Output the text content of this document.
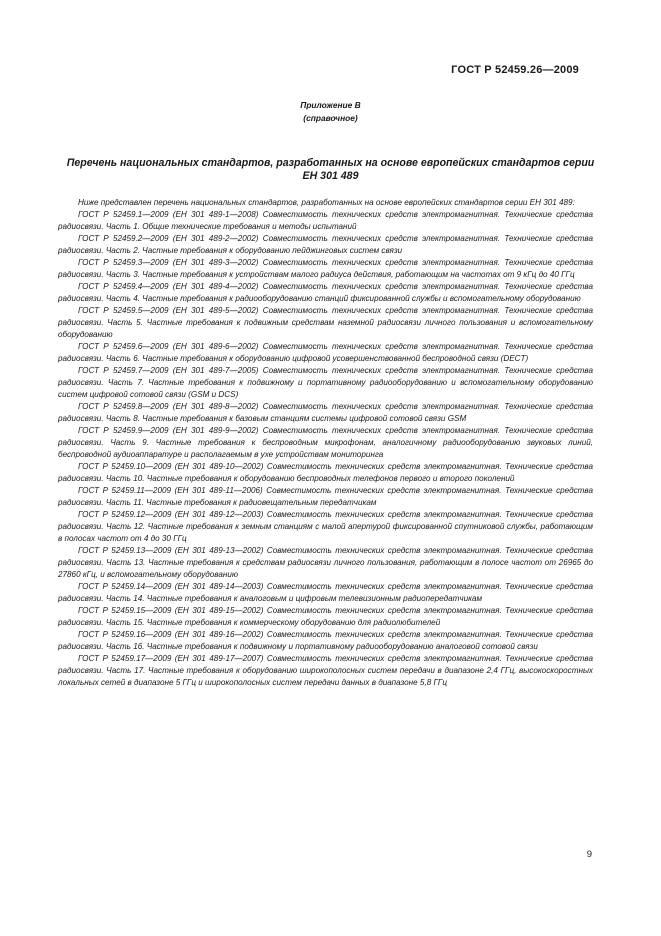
ГОСТ Р 52459.26—2009
Приложение В
(справочное)
Перечень национальных стандартов, разработанных на основе европейских стандартов серии ЕН 301 489

Ниже представлен перечень национальных стандартов, разработанных на основе европейских стандартов серии ЕН 301 489:

ГОСТ Р 52459.1—2009 (ЕН 301 489-1—2008) Совместимость технических средств электромагнитная. Технические средства радиосвязи. Часть 1. Общие технические требования и методы испытаний

ГОСТ Р 52459.2—2009 (ЕН 301 489-2—2002) Совместимость технических средств электромагнитная. Технические средства радиосвязи. Часть 2. Частные требования к оборудованию пейджинговых систем связи

ГОСТ Р 52459.3—2009 (ЕН 301 489-3—2002) Совместимость технических средств электромагнитная. Технические средства радиосвязи. Часть 3. Частные требования к устройствам малого радиуса действия, работающим на частотах от 9 кГц до 40 ГГц

ГОСТ Р 52459.4—2009 (ЕН 301 489-4—2002) Совместимость технических средств электромагнитная. Технические средства радиосвязи. Часть 4. Частные требования к радиооборудованию станций фиксированной службы и вспомогательному оборудованию

ГОСТ Р 52459.5—2009 (ЕН 301 489-5—2002) Совместимость технических средств электромагнитная. Технические средства радиосвязи. Часть 5. Частные требования к подвижным средствам наземной радиосвязи личного пользования и вспомогательному оборудованию

ГОСТ Р 52459.6—2009 (ЕН 301 489-6—2002) Совместимость технических средств электромагнитная. Технические средства радиосвязи. Часть 6. Частные требования к оборудованию цифровой усовершенствованной беспроводной связи (DECT)

ГОСТ Р 52459.7—2009 (ЕН 301 489-7—2005) Совместимость технических средств электромагнитная. Технические средства радиосвязи. Часть 7. Частные требования к подвижному и портативному радиооборудованию и вспомогательному оборудованию систем цифровой сотовой связи (GSM и DCS)

ГОСТ Р 52459.8—2009 (ЕН 301 489-8—2002) Совместимость технических средств электромагнитная. Технические средства радиосвязи. Часть 8. Частные требования к базовым станциям системы цифровой сотовой связи GSM

ГОСТ Р 52459.9—2009 (ЕН 301 489-9—2002) Совместимость технических средств электромагнитная. Технические средства радиосвязи. Часть 9. Частные требования к беспроводным микрофонам, аналогичному радиооборудованию звуковых линий, беспроводной аудиоаппаратуре и располагаемым в ухе устройствам мониторинга

ГОСТ Р 52459.10—2009 (ЕН 301 489-10—2002) Совместимость технических средств электромагнитная. Технические средства радиосвязи. Часть 10. Частные требования к оборудованию беспроводных телефонов первого и второго поколений

ГОСТ Р 52459.11—2009 (ЕН 301 489-11—2006) Совместимость технических средств электромагнитная. Технические средства радиосвязи. Часть 11. Частные требования к радиовещательным передатчикам

ГОСТ Р 52459.12—2009 (ЕН 301 489-12—2003) Совместимость технических средств электромагнитная. Технические средства радиосвязи. Часть 12. Частные требования к земным станциям с малой апертурой фиксированной спутниковой службы, работающим в полосах частот от 4 до 30 ГГц

ГОСТ Р 52459.13—2009 (ЕН 301 489-13—2002) Совместимость технических средств электромагнитная. Технические средства радиосвязи. Часть 13. Частные требования к средствам радиосвязи личного пользования, работающим в полосе частот от 26965 до 27860 кГц, и вспомогательному оборудованию

ГОСТ Р 52459.14—2009 (ЕН 301 489-14—2003) Совместимость технических средств электромагнитная. Технические средства радиосвязи. Часть 14. Частные требования к аналоговым и цифровым телевизионным радиопередатчикам

ГОСТ Р 52459.15—2009 (ЕН 301 489-15—2002) Совместимость технических средств электромагнитная. Технические средства радиосвязи. Часть 15. Частные требования к коммерческому оборудованию для радиолюбителей

ГОСТ Р 52459.16—2009 (ЕН 301 489-16—2002) Совместимость технических средств электромагнитная. Технические средства радиосвязи. Часть 16. Частные требования к подвижному и портативному радиооборудованию аналоговой сотовой связи

ГОСТ Р 52459.17—2009 (ЕН 301 489-17—2007) Совместимость технических средств электромагнитная. Технические средства радиосвязи. Часть 17. Частные требования к оборудованию широкополосных систем передачи в диапазоне 2,4 ГГц, высокоскоростных локальных сетей в диапазоне 5 ГГц и широкополосных систем передачи данных в диапазоне 5,8 ГГц

9
